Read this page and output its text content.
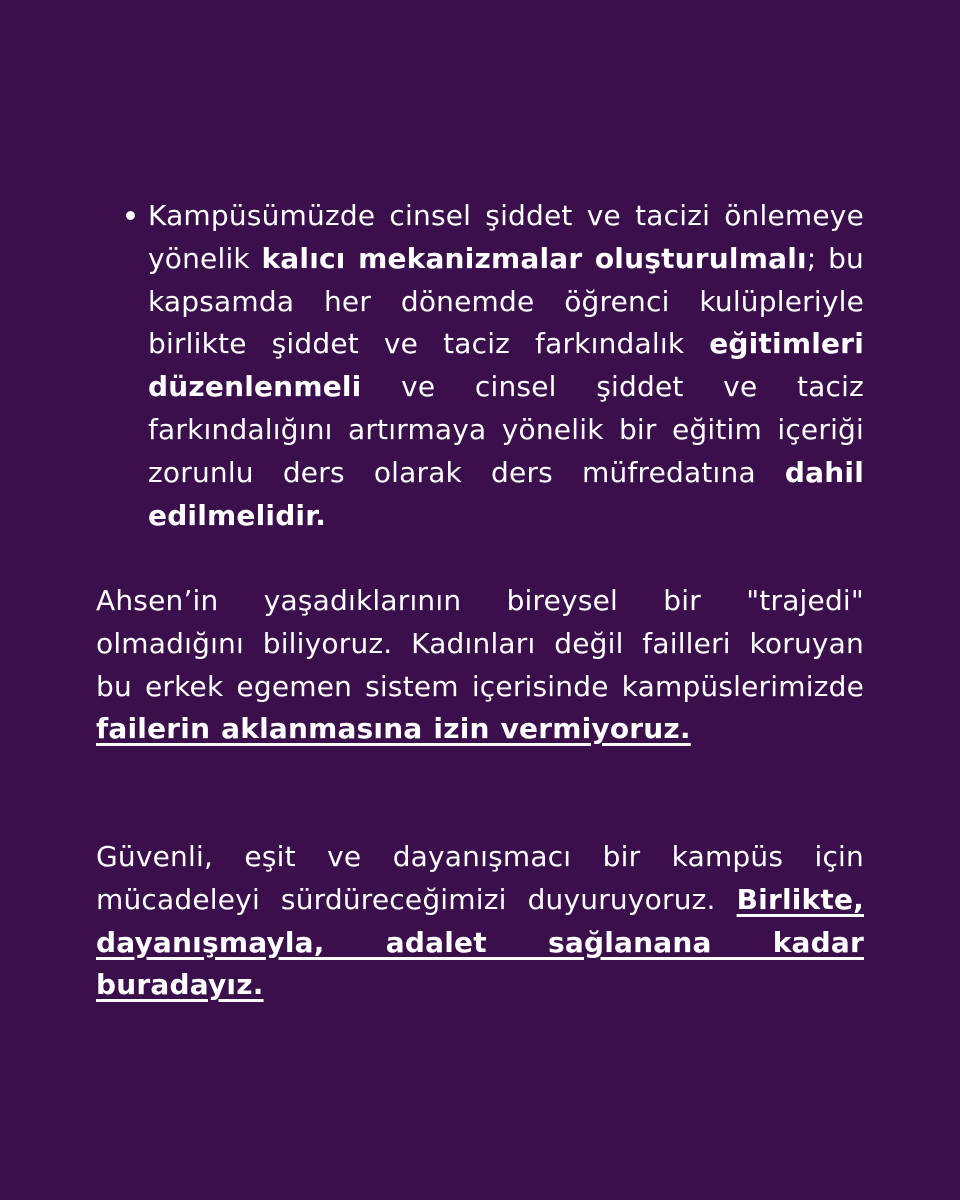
Kampüsümüzde cinsel şiddet ve tacizi önlemeye yönelik kalıcı mekanizmalar oluşturulmalı; bu kapsamda her dönemde öğrenci kulüpleriyle birlikte şiddet ve taciz farkındalık eğitimleri düzenlenmeli ve cinsel şiddet ve taciz farkındalığını artırmaya yönelik bir eğitim içeriği zorunlu ders olarak ders müfredatına dahil edilmelidir.
Ahsen’in yaşadıklarının bireysel bir "trajedi" olmadığını biliyoruz. Kadınları değil failleri koruyan bu erkek egemen sistem içerisinde kampüslerimizde failerin aklanmasına izin vermiyoruz.
Güvenli, eşit ve dayanışmacı bir kampüs için mücadeleyi sürdüreceğimizi duyuruyoruz. Birlikte, dayanışmayla, adalet sağlanana kadar buradayız.
